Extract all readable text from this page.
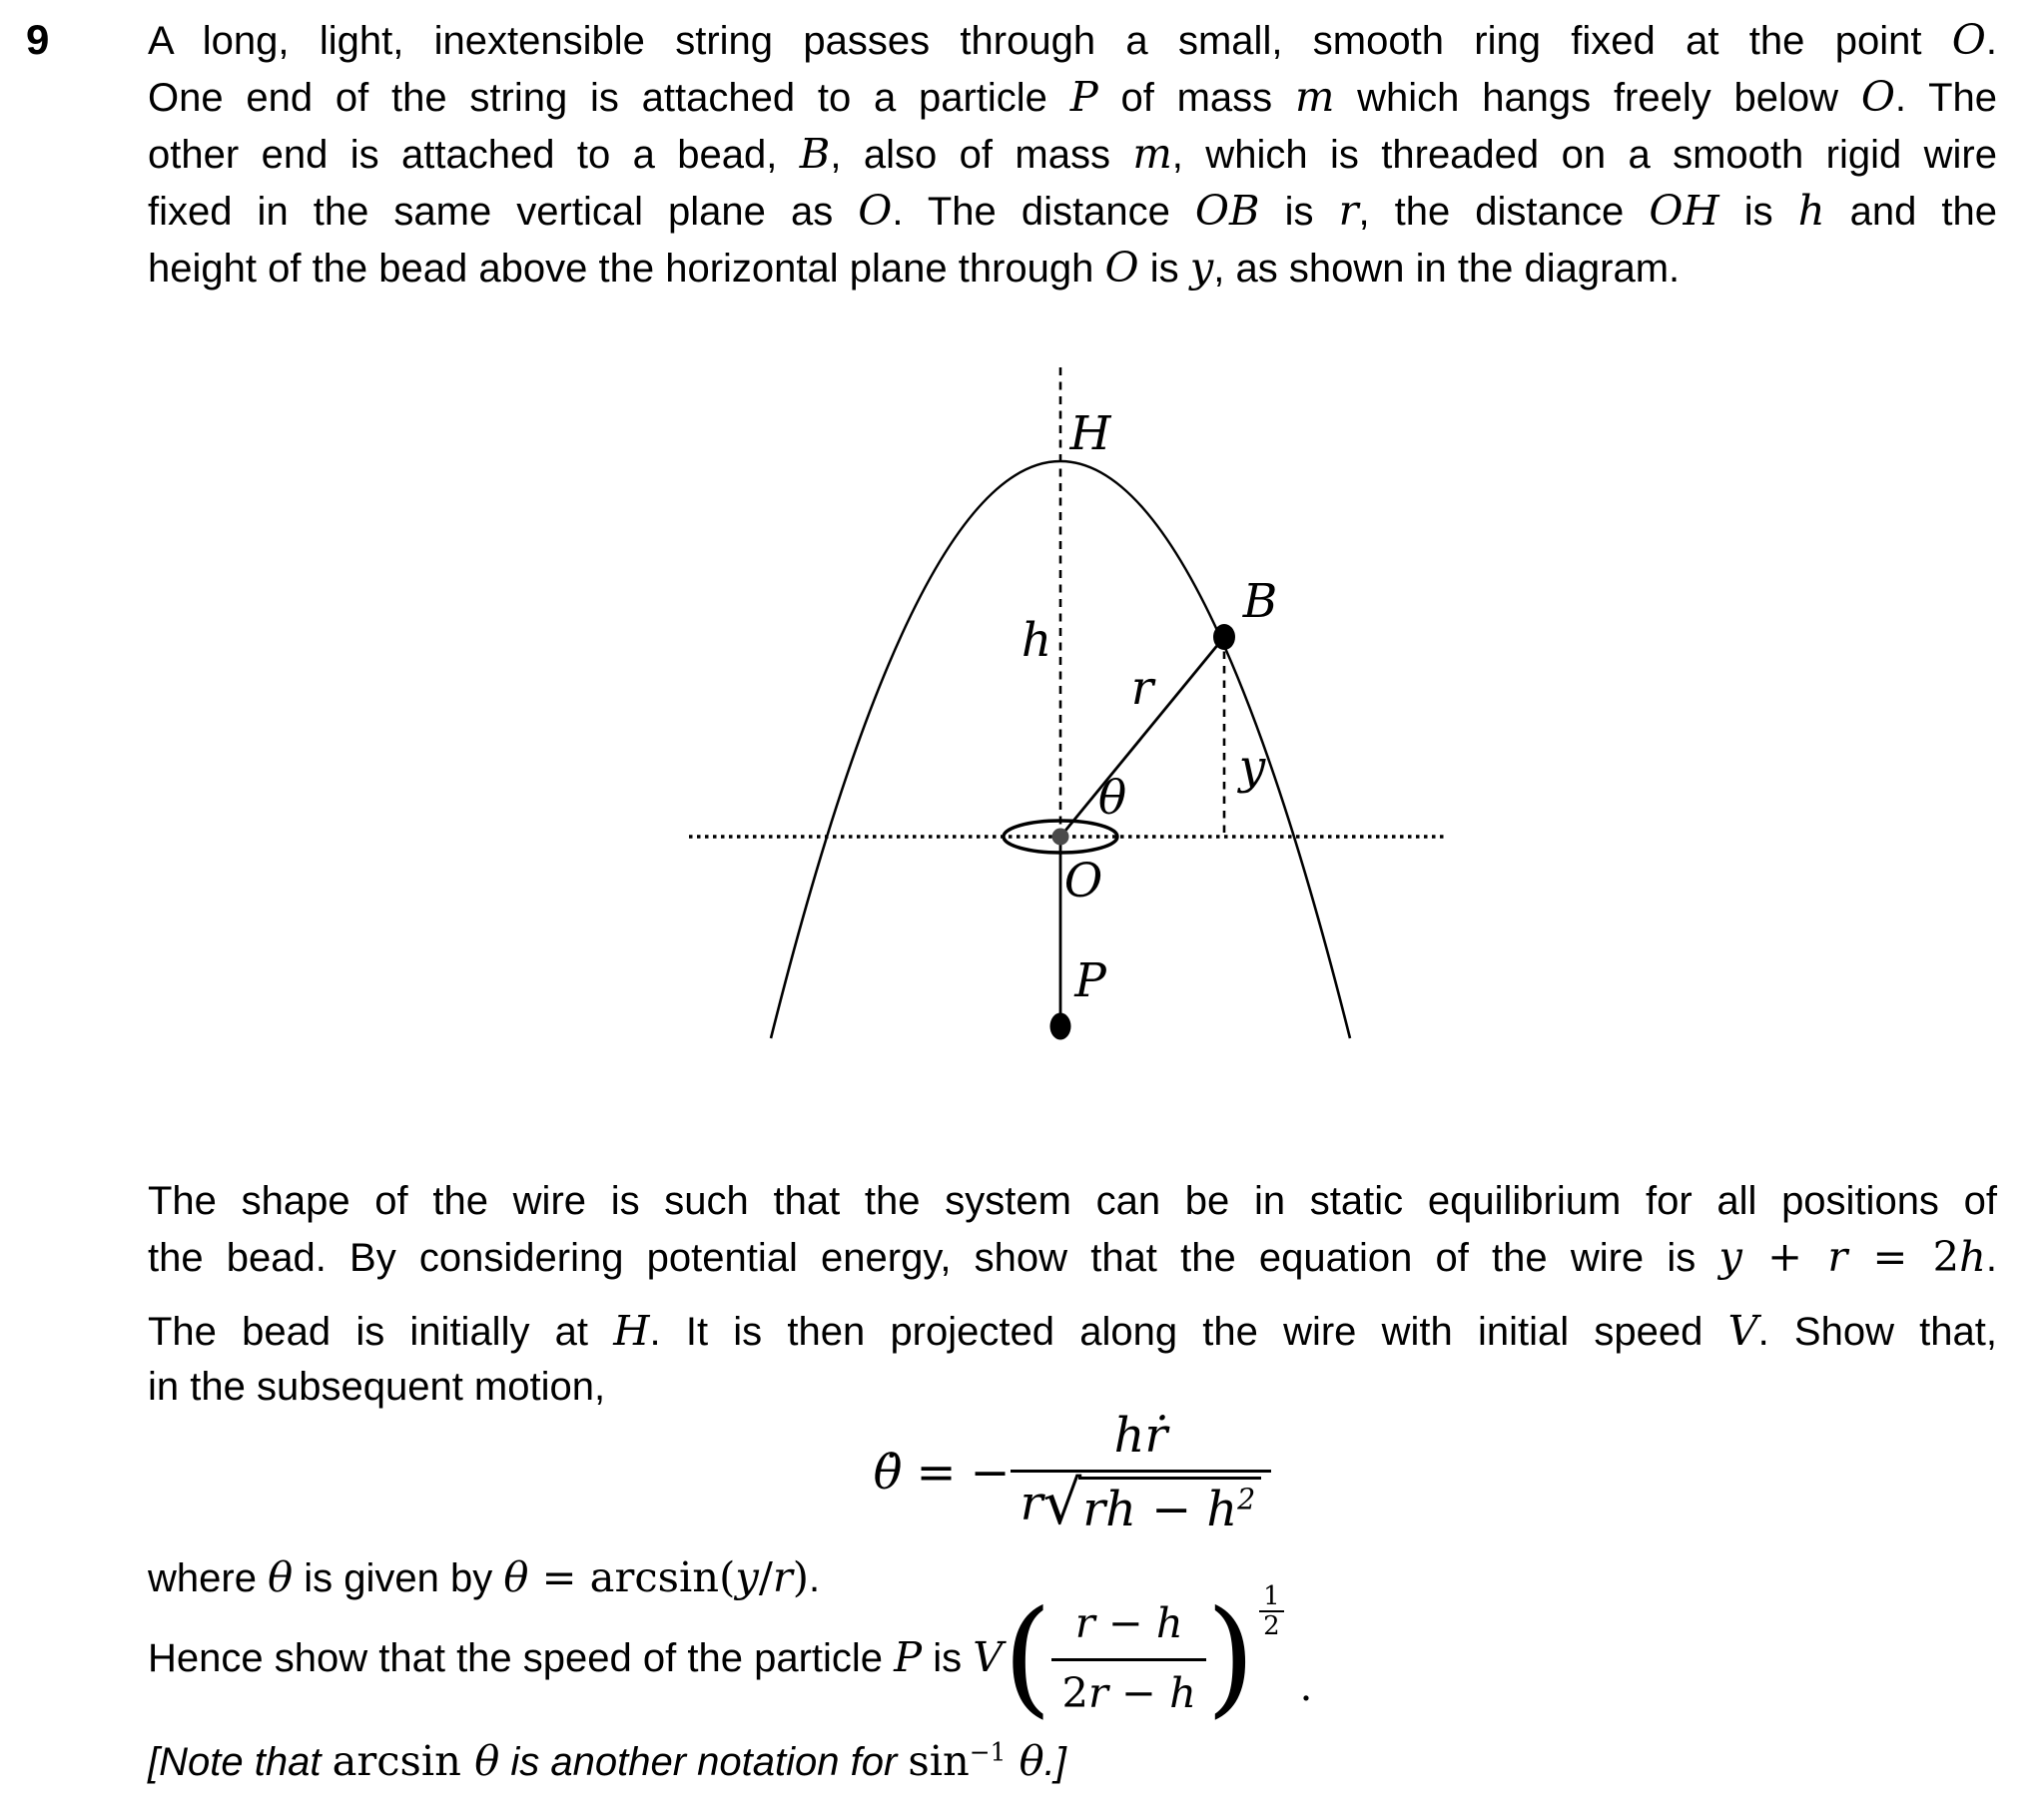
9 A long, light, inextensible string passes through a small, smooth ring fixed at the point O.
One end of the string is attached to a particle P of mass m which hangs freely below O. The
other end is attached to a bead, B, also of mass m, which is threaded on a smooth rigid wire
fixed in the same vertical plane as O. The distance OB is r, the distance OH is h and the
height of the bead above the horizontal plane through O is y, as shown in the diagram.
H
h
B
r
y
θ
O
P
The shape of the wire is such that the system can be in static equilibrium for all positions of
the bead. By considering potential energy, show that the equation of the wire is y + r = 2h.
The bead is initially at H. It is then projected along the wire with initial speed V. Show that,
in the subsequent motion,
θ̇ = − $\frac{\text{hṙ}}{r √ rh - h^2}$
where θ is given by θ = arcsin(y/r).
Hence show that the speed of the particle P is V ( $\frac{r - h}{2 r - h}$ ) $\frac{1}{2}$
.
[Note that arcsin θ is another notation for $\sin^{-1} \theta$.]
